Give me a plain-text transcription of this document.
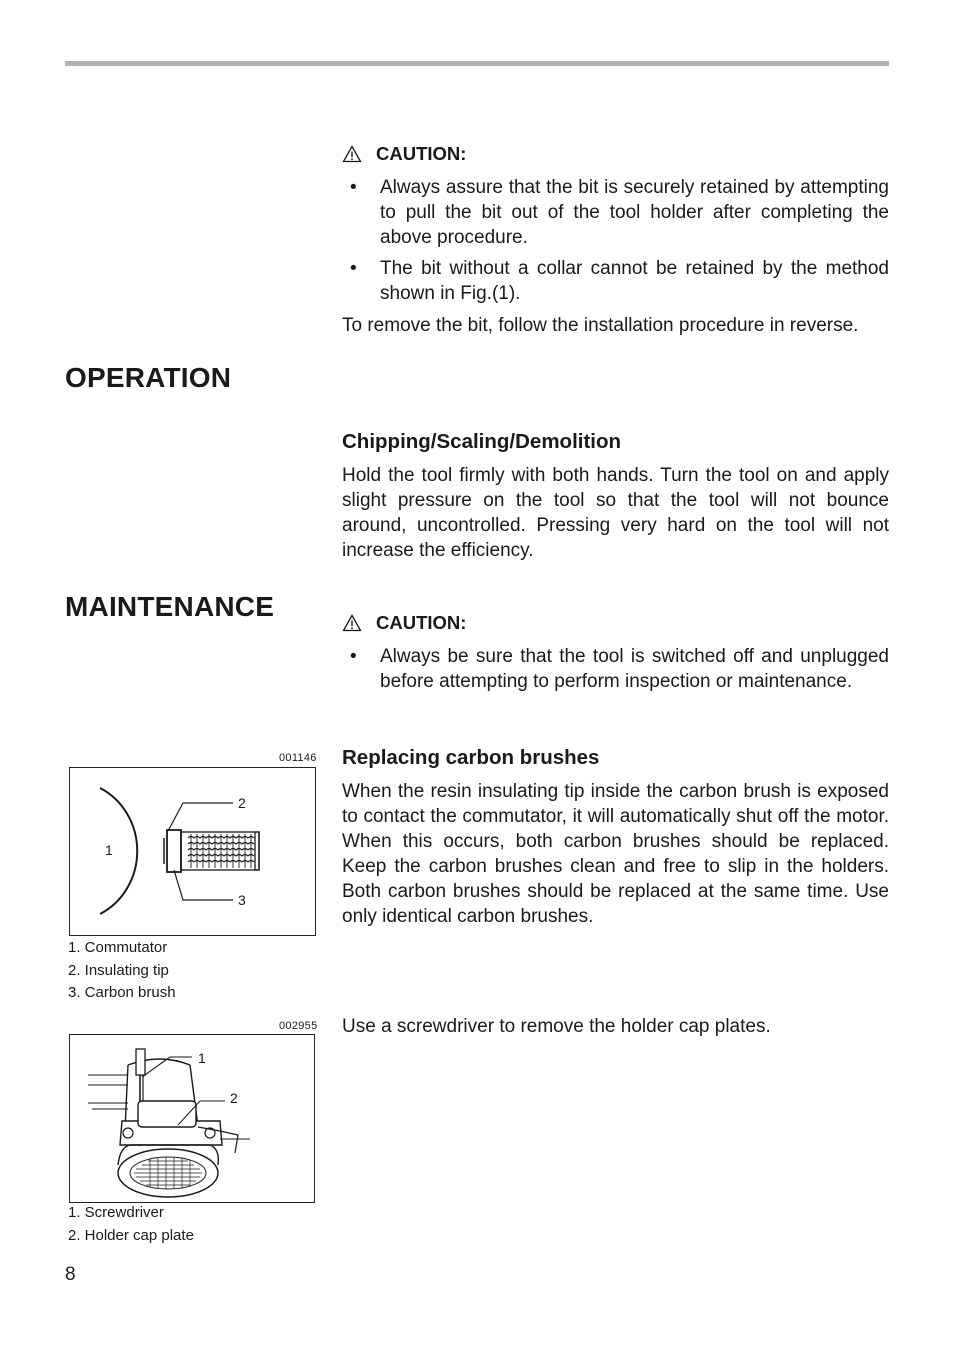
CAUTION:

• Always assure that the bit is securely retained by attempting to pull the bit out of the tool holder after completing the above procedure.

• The bit without a collar cannot be retained by the method shown in Fig.(1).

To remove the bit, follow the installation procedure in reverse.

OPERATION
Chipping/Scaling/Demolition

Hold the tool firmly with both hands. Turn the tool on and apply slight pressure on the tool so that the tool will not bounce around, uncontrolled. Pressing very hard on the tool will not increase the efficiency.

MAINTENANCE
CAUTION:

• Always be sure that the tool is switched off and unplugged before attempting to perform inspection or maintenance.

Replacing carbon brushes

When the resin insulating tip inside the carbon brush is exposed to contact the commutator, it will automatically shut off the motor. When this occurs, both carbon brushes should be replaced. Keep the carbon brushes clean and free to slip in the holders. Both carbon brushes should be replaced at the same time. Use only identical carbon brushes.

Use a screwdriver to remove the holder cap plates.

001146
1
2
3
1. Commutator
2. Insulating tip
3. Carbon brush
002955
1
2
1. Screwdriver
2. Holder cap plate
8
